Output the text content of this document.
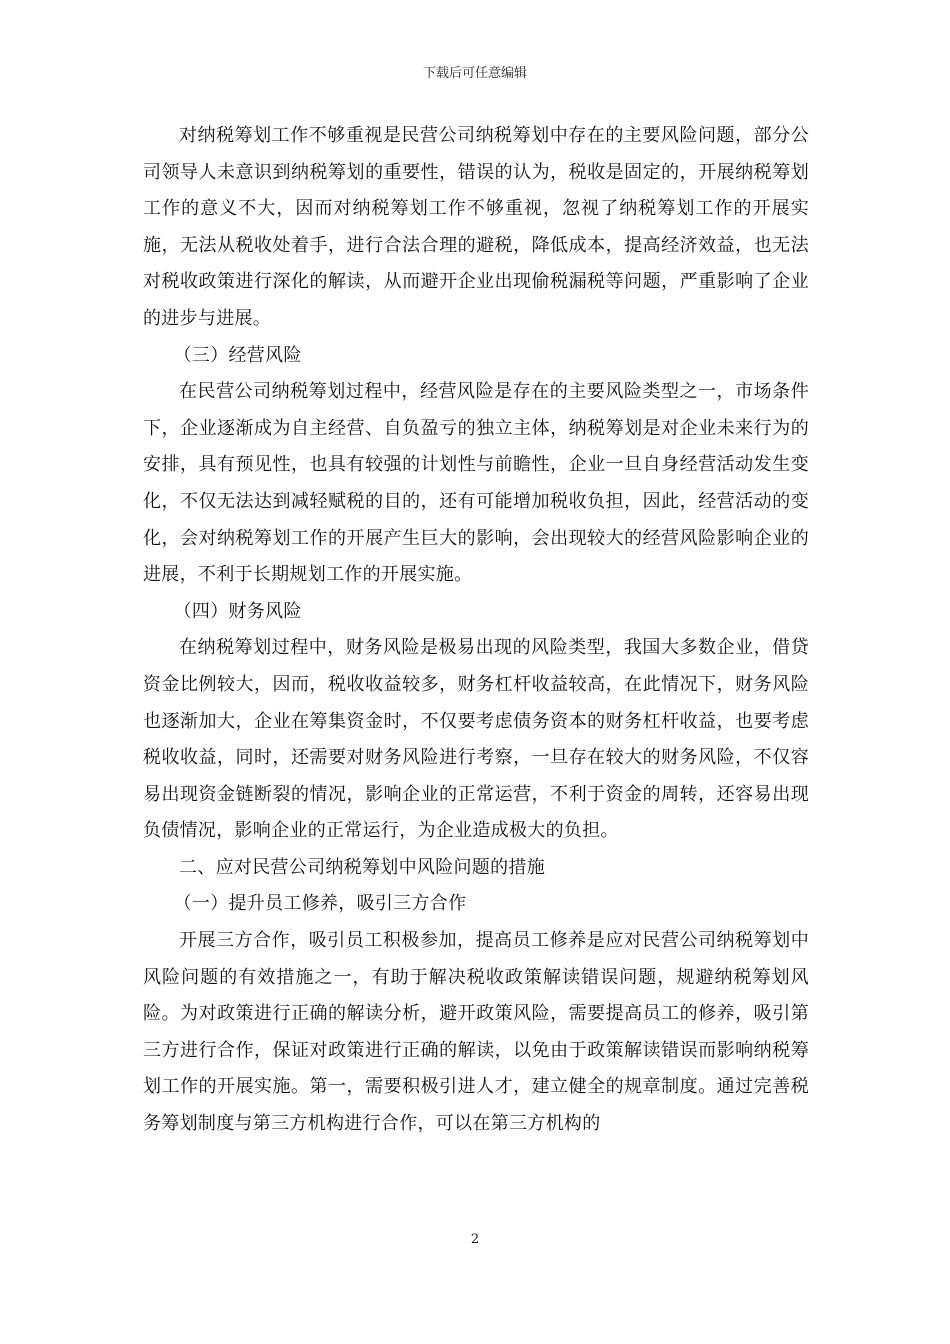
下载后可任意编辑

对纳税筹划工作不够重视是民营公司纳税筹划中存在的主要风险问题，部分公司领导人未意识到纳税筹划的重要性，错误的认为，税收是固定的，开展纳税筹划工作的意义不大，因而对纳税筹划工作不够重视，忽视了纳税筹划工作的开展实施，无法从税收处着手，进行合法合理的避税，降低成本，提高经济效益，也无法对税收政策进行深化的解读，从而避开企业出现偷税漏税等问题，严重影响了企业的进步与进展。

（三）经营风险

在民营公司纳税筹划过程中，经营风险是存在的主要风险类型之一，市场条件下，企业逐渐成为自主经营、自负盈亏的独立主体，纳税筹划是对企业未来行为的安排，具有预见性，也具有较强的计划性与前瞻性，企业一旦自身经营活动发生变化，不仅无法达到减轻赋税的目的，还有可能增加税收负担，因此，经营活动的变化，会对纳税筹划工作的开展产生巨大的影响，会出现较大的经营风险影响企业的进展，不利于长期规划工作的开展实施。

（四）财务风险

在纳税筹划过程中，财务风险是极易出现的风险类型，我国大多数企业，借贷资金比例较大，因而，税收收益较多，财务杠杆收益较高，在此情况下，财务风险也逐渐加大，企业在筹集资金时，不仅要考虑债务资本的财务杠杆收益，也要考虑税收收益，同时，还需要对财务风险进行考察，一旦存在较大的财务风险，不仅容易出现资金链断裂的情况，影响企业的正常运营，不利于资金的周转，还容易出现负债情况，影响企业的正常运行，为企业造成极大的负担。

二、应对民营公司纳税筹划中风险问题的措施

（一）提升员工修养，吸引三方合作

开展三方合作，吸引员工积极参加，提高员工修养是应对民营公司纳税筹划中风险问题的有效措施之一，有助于解决税收政策解读错误问题，规避纳税筹划风险。为对政策进行正确的解读分析，避开政策风险，需要提高员工的修养，吸引第三方进行合作，保证对政策进行正确的解读，以免由于政策解读错误而影响纳税筹划工作的开展实施。第一，需要积极引进人才，建立健全的规章制度。通过完善税务筹划制度与第三方机构进行合作，可以在第三方机构的

2
